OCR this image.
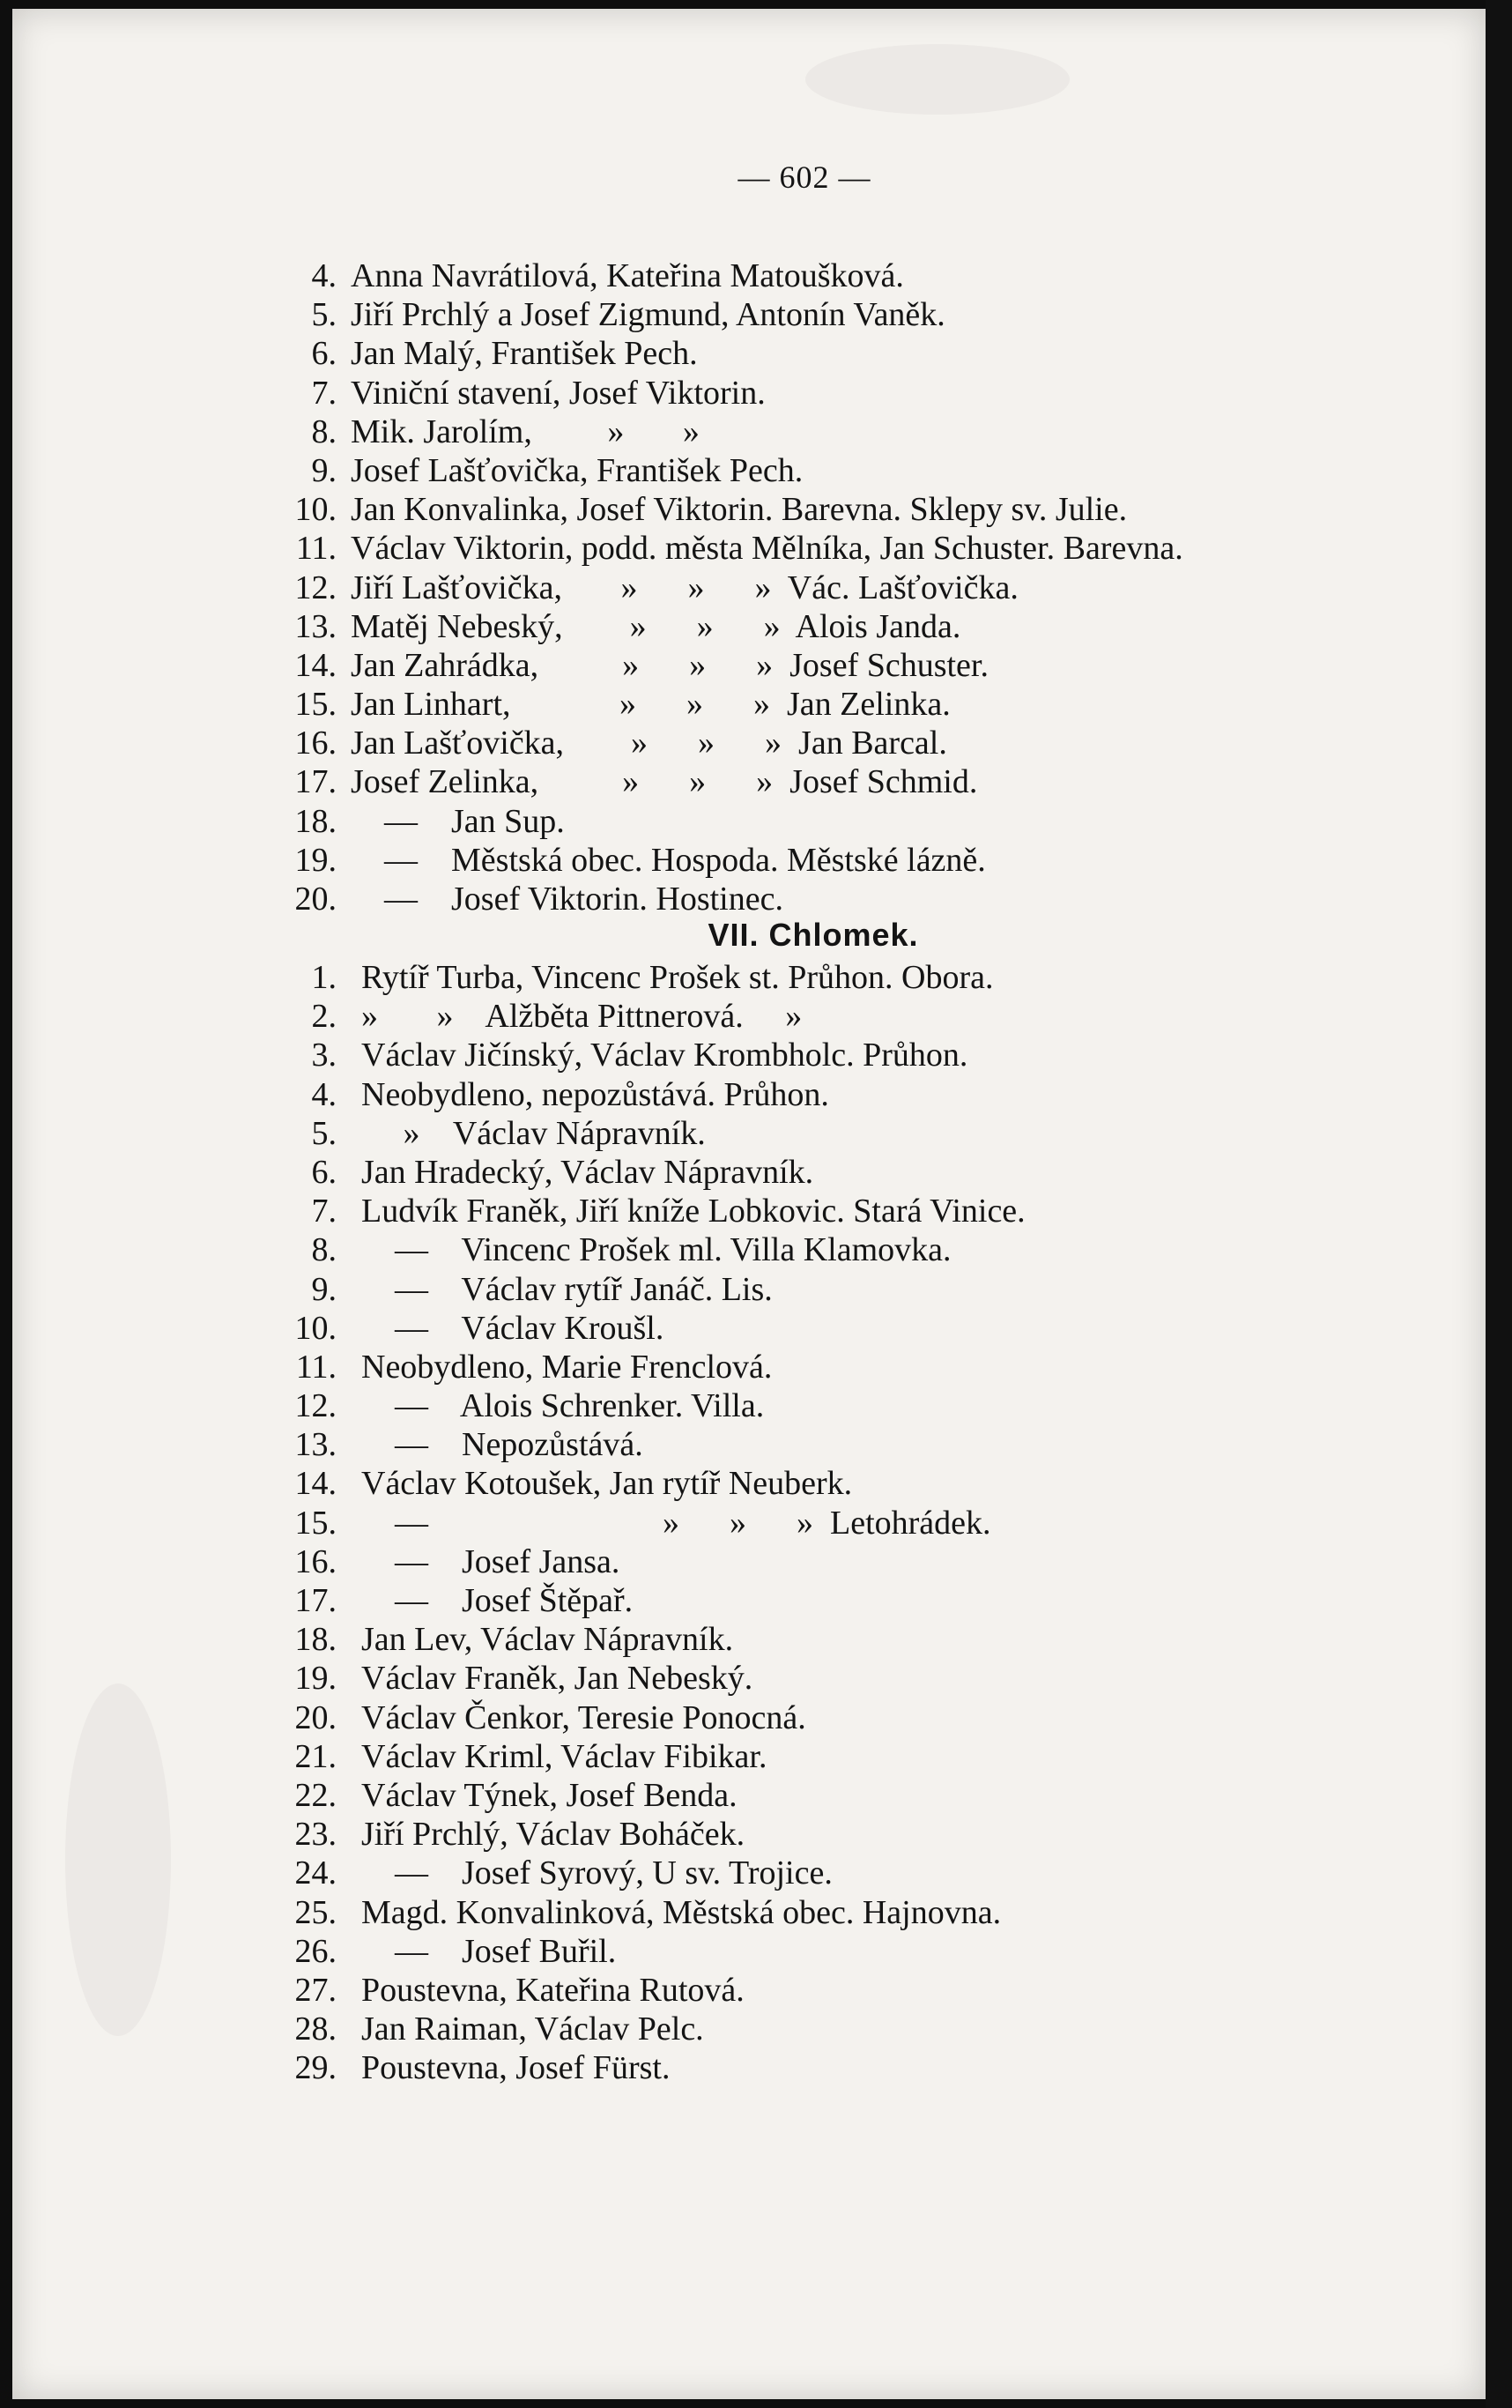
— 602 —
4. Anna Navrátilová, Kateřina Matoušková.
5. Jiří Prchlý a Josef Zigmund, Antonín Vaněk.
6. Jan Malý, František Pech.
7. Viniční stavení, Josef Viktorin.
8. Mik. Jarolím,         »       »
9. Josef Lašťovička, František Pech.
10. Jan Konvalinka, Josef Viktorin. Barevna. Sklepy sv. Julie.
11. Václav Viktorin, podd. města Mělníka, Jan Schuster. Barevna.
12. Jiří Lašťovička,       »      »      »  Vác. Lašťovička.
13. Matěj Nebeský,        »      »      »  Alois Janda.
14. Jan Zahrádka,          »      »      »  Josef Schuster.
15. Jan Linhart,             »      »      »  Jan Zelinka.
16. Jan Lašťovička,        »      »      »  Jan Barcal.
17. Josef Zelinka,          »      »      »  Josef Schmid.
18. —    Jan Sup.
19. —    Městská obec. Hospoda. Městské lázně.
20. —    Josef Viktorin. Hostinec.
VII. Chlomek.
1. Rytíř Turba, Vincenc Prošek st. Průhon. Obora.
2. »       »    Alžběta Pittnerová.     »
3. Václav Jičínský, Václav Krombholc. Průhon.
4. Neobydleno, nepozůstává. Průhon.
5. »    Václav Nápravník.
6. Jan Hradecký, Václav Nápravník.
7. Ludvík Franěk, Jiří kníže Lobkovic. Stará Vinice.
8. —    Vincenc Prošek ml. Villa Klamovka.
9. —    Václav rytíř Janáč. Lis.
10. —    Václav Kroušl.
11. Neobydleno, Marie Frenclová.
12. —    Alois Schrenker. Villa.
13. —    Nepozůstává.
14. Václav Kotoušek, Jan rytíř Neuberk.
15. —                            »      »      »  Letohrádek.
16. —    Josef Jansa.
17. —    Josef Štěpař.
18. Jan Lev, Václav Nápravník.
19. Václav Franěk, Jan Nebeský.
20. Václav Čenkor, Teresie Ponocná.
21. Václav Kriml, Václav Fibikar.
22. Václav Týnek, Josef Benda.
23. Jiří Prchlý, Václav Boháček.
24. —    Josef Syrový, U sv. Trojice.
25. Magd. Konvalinková, Městská obec. Hajnovna.
26. —    Josef Buřil.
27. Poustevna, Kateřina Rutová.
28. Jan Raiman, Václav Pelc.
29. Poustevna, Josef Fürst.
